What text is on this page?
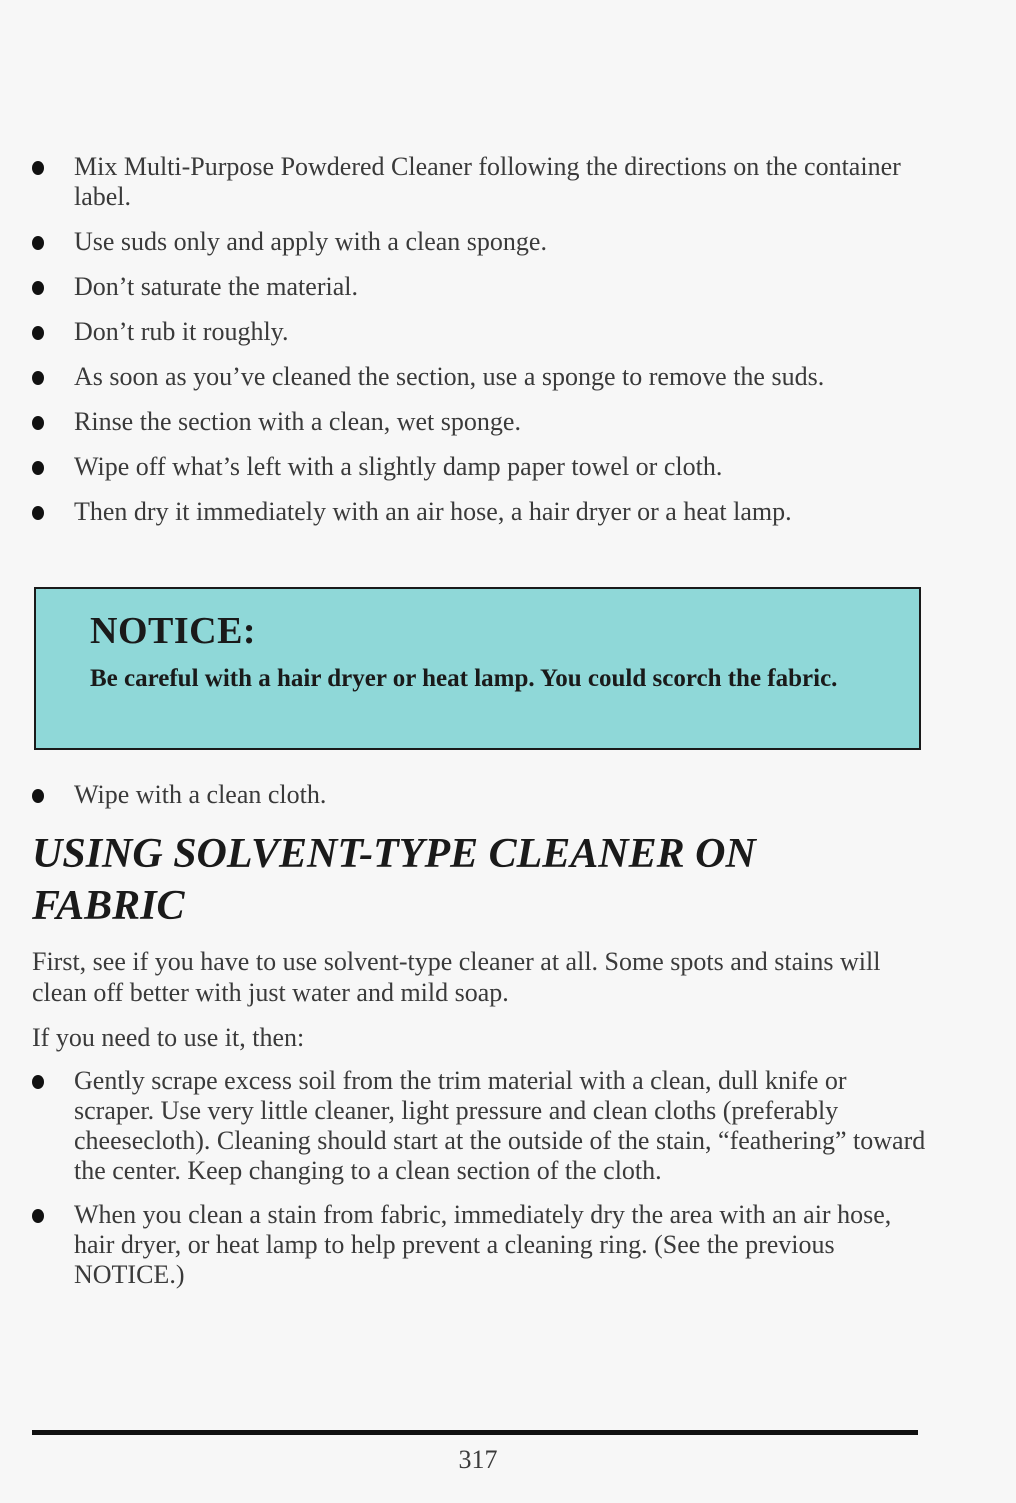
Mix Multi-Purpose Powdered Cleaner following the directions on the container label.
Use suds only and apply with a clean sponge.
Don’t saturate the material.
Don’t rub it roughly.
As soon as you’ve cleaned the section, use a sponge to remove the suds.
Rinse the section with a clean, wet sponge.
Wipe off what’s left with a slightly damp paper towel or cloth.
Then dry it immediately with an air hose, a hair dryer or a heat lamp.
NOTICE:
Be careful with a hair dryer or heat lamp. You could scorch the fabric.
Wipe with a clean cloth.
USING SOLVENT-TYPE CLEANER ON FABRIC

First, see if you have to use solvent-type cleaner at all. Some spots and stains will clean off better with just water and mild soap.

If you need to use it, then:

Gently scrape excess soil from the trim material with a clean, dull knife or scraper. Use very little cleaner, light pressure and clean cloths (preferably cheesecloth). Cleaning should start at the outside of the stain, “feathering” toward the center. Keep changing to a clean section of the cloth.
When you clean a stain from fabric, immediately dry the area with an air hose, hair dryer, or heat lamp to help prevent a cleaning ring. (See the previous NOTICE.)
317
